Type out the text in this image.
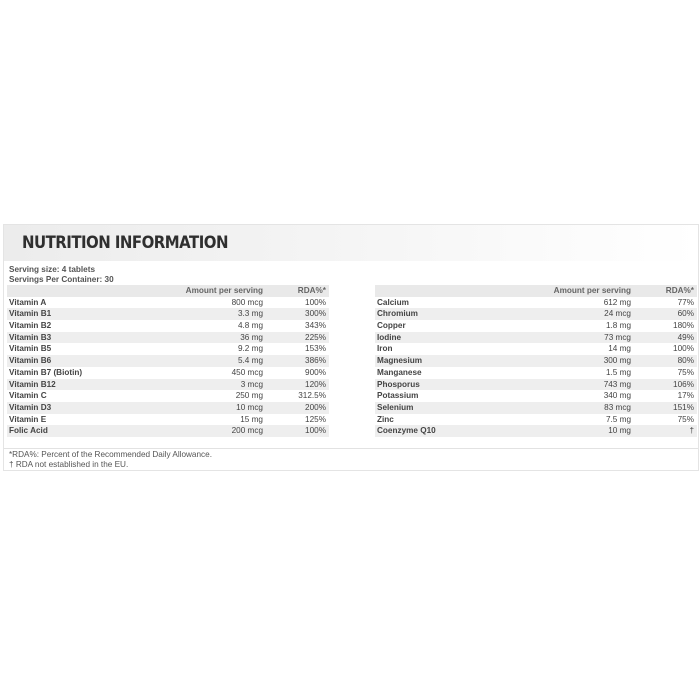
NUTRITION INFORMATION
Serving size: 4 tablets
Servings Per Container: 30
Amount per serving	RDA%*
Vitamin A	800 mcg	100%
Vitamin B1	3.3 mg	300%
Vitamin B2	4.8 mg	343%
Vitamin B3	36 mg	225%
Vitamin B5	9.2 mg	153%
Vitamin B6	5.4 mg	386%
Vitamin B7 (Biotin)	450 mcg	900%
Vitamin B12	3 mcg	120%
Vitamin C	250 mg	312.5%
Vitamin D3	10 mcg	200%
Vitamin E	15 mg	125%
Folic Acid	200 mcg	100%
Amount per serving	RDA%*
Calcium	612 mg	77%
Chromium	24 mcg	60%
Copper	1.8 mg	180%
Iodine	73 mcg	49%
Iron	14 mg	100%
Magnesium	300 mg	80%
Manganese	1.5 mg	75%
Phosporus	743 mg	106%
Potassium	340 mg	17%
Selenium	83 mcg	151%
Zinc	7.5 mg	75%
Coenzyme Q10	10 mg	†
*RDA%: Percent of the Recommended Daily Allowance.
† RDA not established in the EU.
